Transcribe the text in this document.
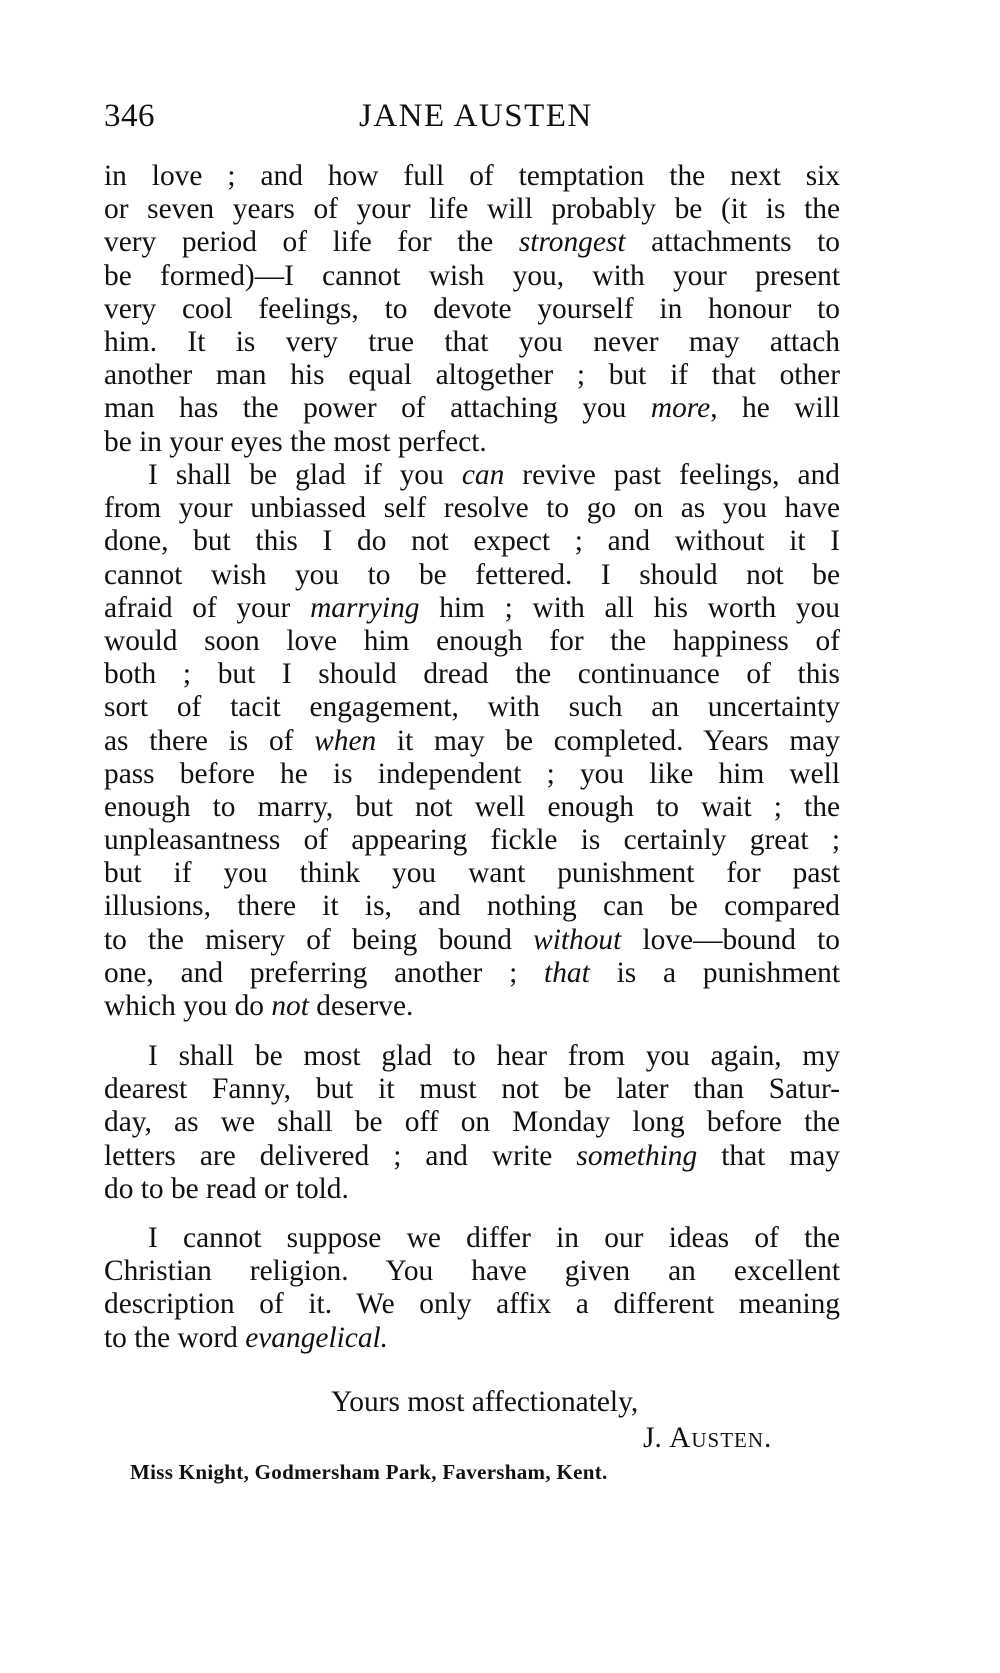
346	JANE AUSTEN
in love ; and how full of temptation the next six
or seven years of your life will probably be (it is the
very period of life for the strongest attachments to
be formed)—I cannot wish you, with your present
very cool feelings, to devote yourself in honour to
him. It is very true that you never may attach
another man his equal altogether ; but if that other
man has the power of attaching you more, he will
be in your eyes the most perfect.
I shall be glad if you can revive past feelings, and
from your unbiassed self resolve to go on as you have
done, but this I do not expect ; and without it I
cannot wish you to be fettered. I should not be
afraid of your marrying him ; with all his worth you
would soon love him enough for the happiness of
both ; but I should dread the continuance of this
sort of tacit engagement, with such an uncertainty
as there is of when it may be completed. Years may
pass before he is independent ; you like him well
enough to marry, but not well enough to wait ; the
unpleasantness of appearing fickle is certainly great ;
but if you think you want punishment for past
illusions, there it is, and nothing can be compared
to the misery of being bound without love—bound to
one, and preferring another ; that is a punishment
which you do not deserve.
I shall be most glad to hear from you again, my
dearest Fanny, but it must not be later than Satur-
day, as we shall be off on Monday long before the
letters are delivered ; and write something that may
do to be read or told.
I cannot suppose we differ in our ideas of the
Christian religion. You have given an excellent
description of it. We only affix a different meaning
to the word evangelical.
Yours most affectionately,
J. Austen.
Miss Knight, Godmersham Park, Faversham, Kent.
